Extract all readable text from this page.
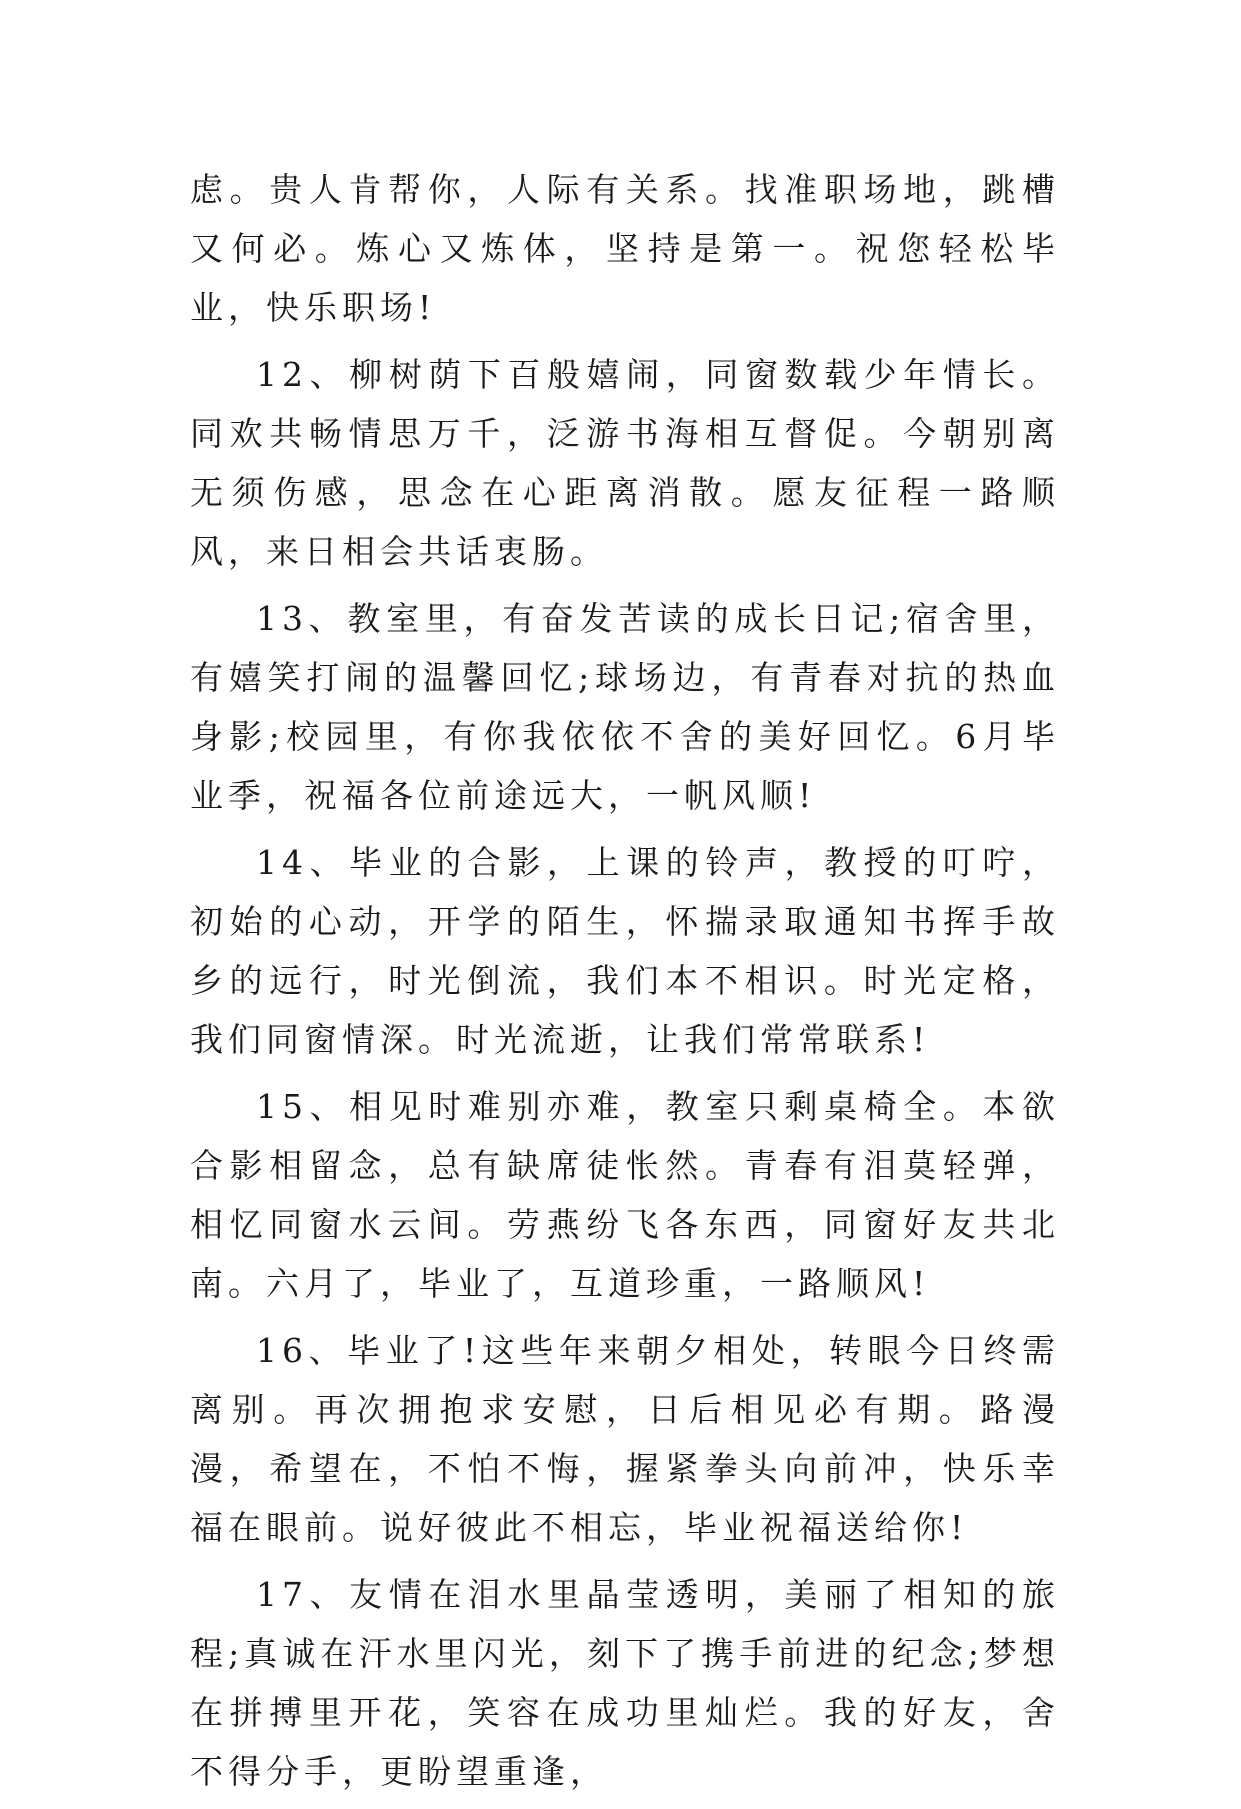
虑。贵人肯帮你，人际有关系。找准职场地，跳槽又何必。炼心又炼体，坚持是第一。祝您轻松毕业，快乐职场!

12、柳树荫下百般嬉闹，同窗数载少年情长。同欢共畅情思万千，泛游书海相互督促。今朝别离无须伤感，思念在心距离消散。愿友征程一路顺风，来日相会共话衷肠。

13、教室里，有奋发苦读的成长日记;宿舍里，有嬉笑打闹的温馨回忆;球场边，有青春对抗的热血身影;校园里，有你我依依不舍的美好回忆。6月毕业季，祝福各位前途远大，一帆风顺!

14、毕业的合影，上课的铃声，教授的叮咛，初始的心动，开学的陌生，怀揣录取通知书挥手故乡的远行，时光倒流，我们本不相识。时光定格，我们同窗情深。时光流逝，让我们常常联系!

15、相见时难别亦难，教室只剩桌椅全。本欲合影相留念，总有缺席徒怅然。青春有泪莫轻弹，相忆同窗水云间。劳燕纷飞各东西，同窗好友共北南。六月了，毕业了，互道珍重，一路顺风!

16、毕业了!这些年来朝夕相处，转眼今日终需离别。再次拥抱求安慰，日后相见必有期。路漫漫，希望在，不怕不悔，握紧拳头向前冲，快乐幸福在眼前。说好彼此不相忘，毕业祝福送给你!

17、友情在泪水里晶莹透明，美丽了相知的旅程;真诚在汗水里闪光，刻下了携手前进的纪念;梦想在拼搏里开花，笑容在成功里灿烂。我的好友，舍不得分手，更盼望重逢，
